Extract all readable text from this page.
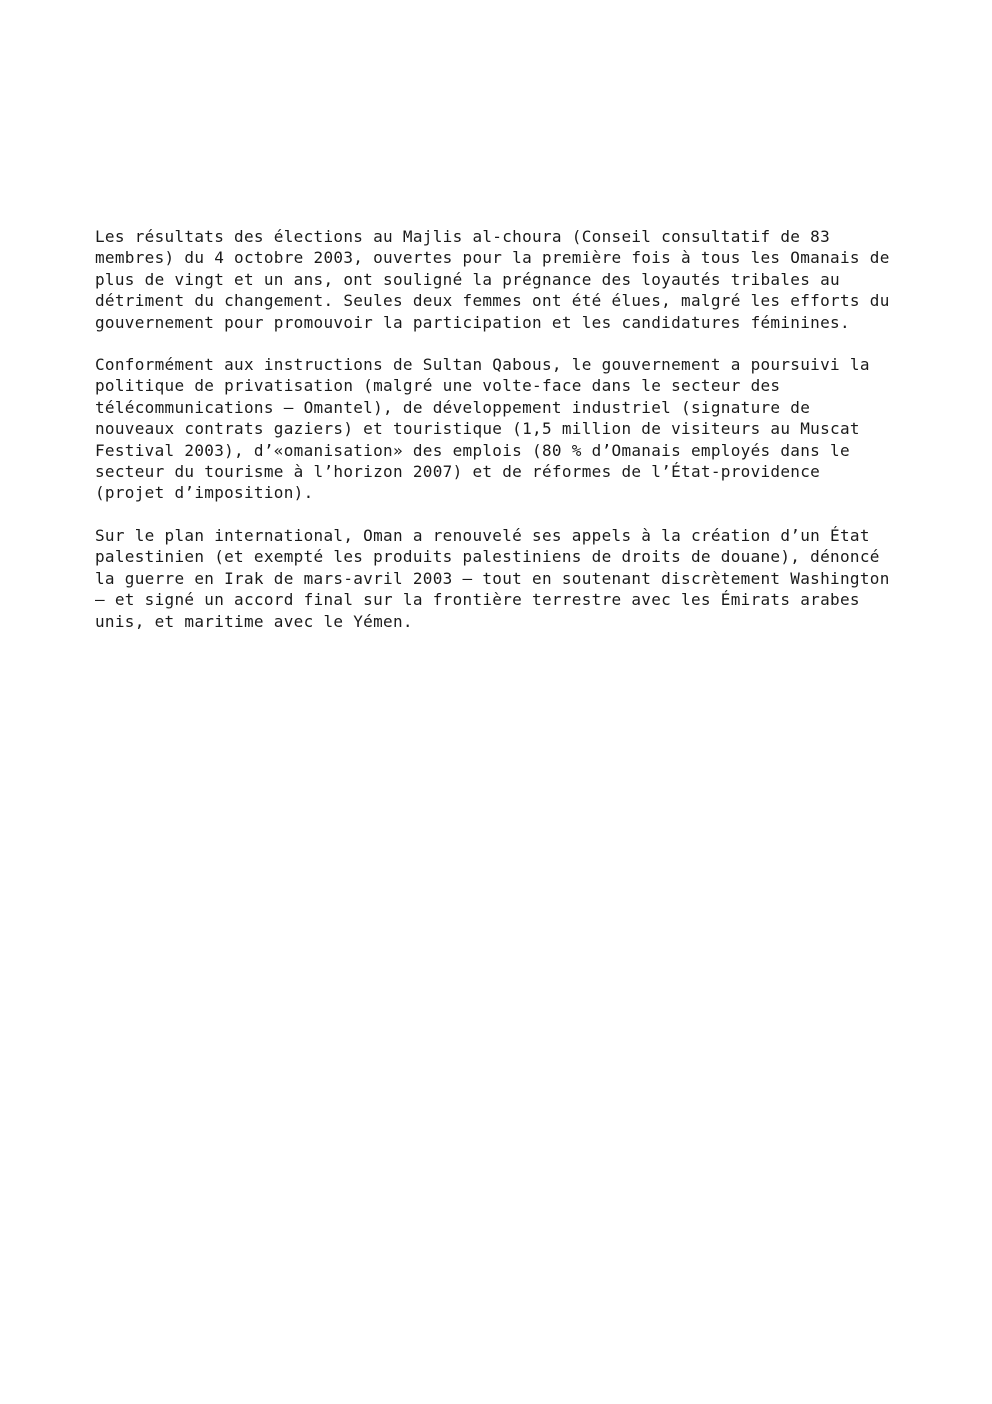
Les résultats des élections au Majlis al-choura (Conseil consultatif de 83
membres) du 4 octobre 2003, ouvertes pour la première fois à tous les Omanais de
plus de vingt et un ans, ont souligné la prégnance des loyautés tribales au
détriment du changement. Seules deux femmes ont été élues, malgré les efforts du
gouvernement pour promouvoir la participation et les candidatures féminines.

Conformément aux instructions de Sultan Qabous, le gouvernement a poursuivi la
politique de privatisation (malgré une volte-face dans le secteur des
télécommunications – Omantel), de développement industriel (signature de
nouveaux contrats gaziers) et touristique (1,5 million de visiteurs au Muscat
Festival 2003), d’«omanisation» des emplois (80 % d’Omanais employés dans le
secteur du tourisme à l’horizon 2007) et de réformes de l’État-providence
(projet d’imposition).

Sur le plan international, Oman a renouvelé ses appels à la création d’un État
palestinien (et exempté les produits palestiniens de droits de douane), dénoncé
la guerre en Irak de mars-avril 2003 – tout en soutenant discrètement Washington
– et signé un accord final sur la frontière terrestre avec les Émirats arabes
unis, et maritime avec le Yémen.
